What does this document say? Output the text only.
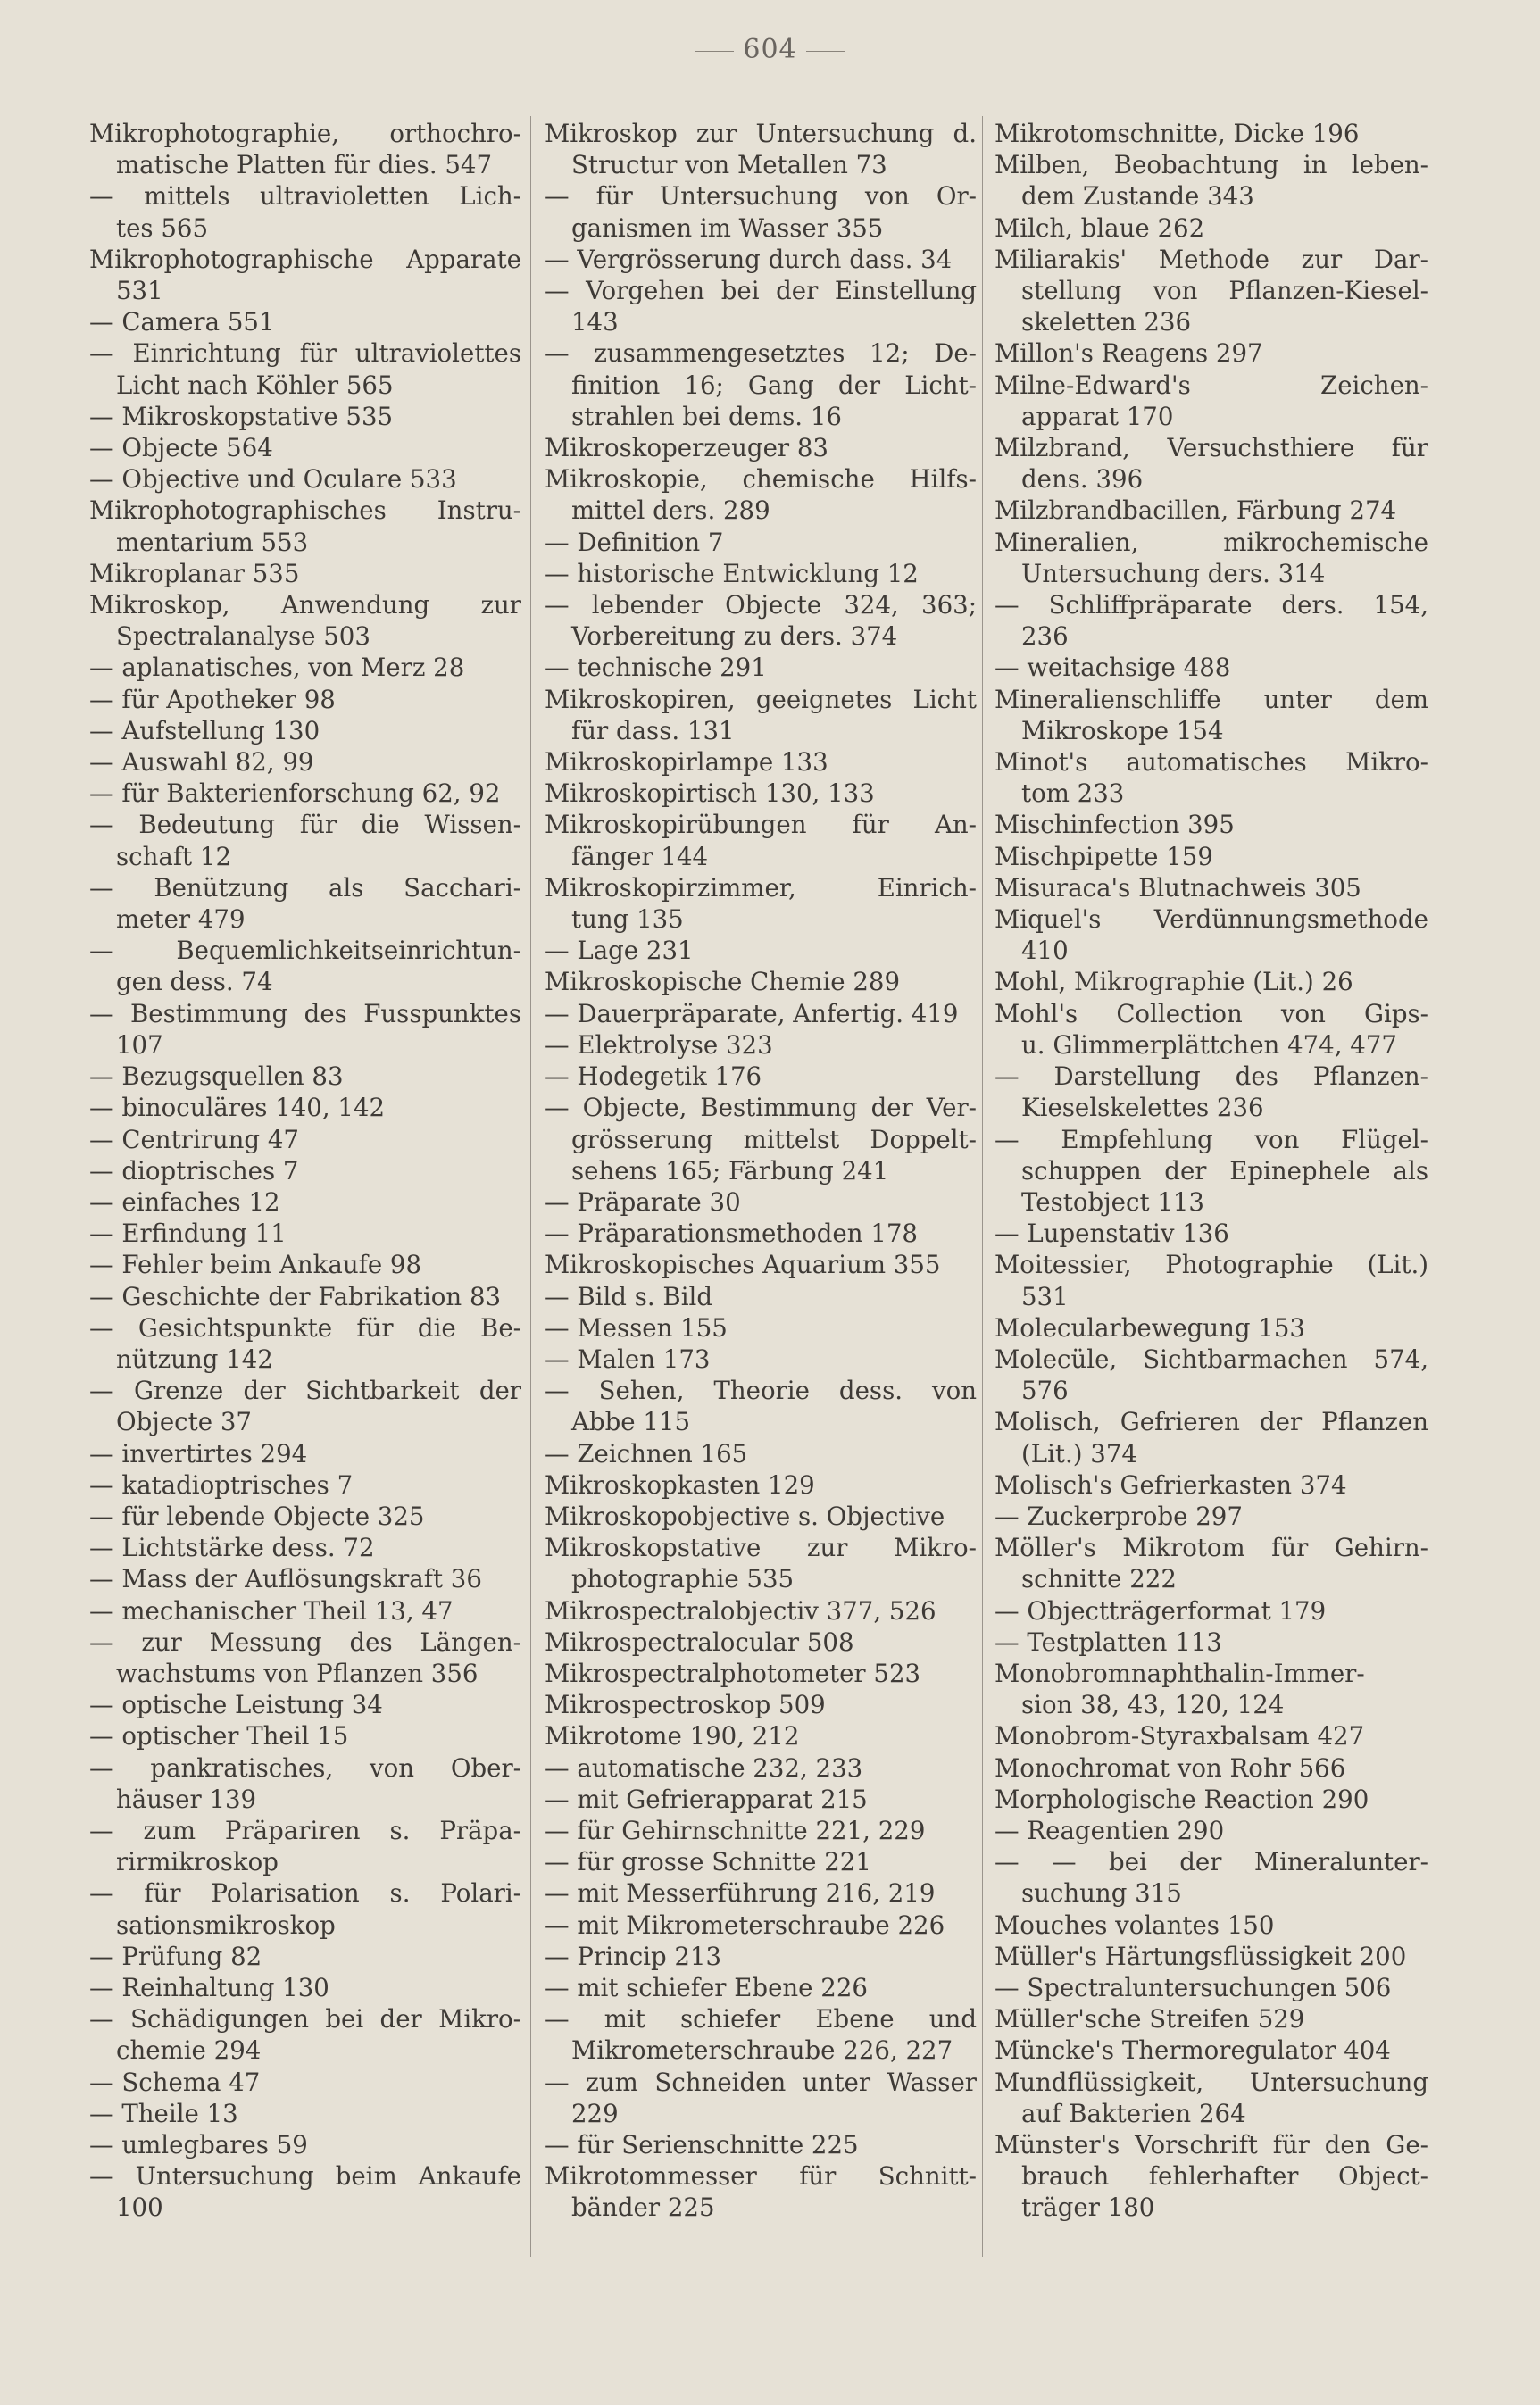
604
Mikrophotographie, orthochro-
matische Platten für dies. 547
— mittels ultravioletten Lich-
tes 565
Mikrophotographische Apparate
531
— Camera 551
— Einrichtung für ultraviolettes
Licht nach Köhler 565
— Mikroskopstative 535
— Objecte 564
— Objective und Oculare 533
Mikrophotographisches Instru-
mentarium 553
Mikroplanar 535
Mikroskop, Anwendung zur
Spectralanalyse 503
— aplanatisches, von Merz 28
— für Apotheker 98
— Aufstellung 130
— Auswahl 82, 99
— für Bakterienforschung 62, 92
— Bedeutung für die Wissen-
schaft 12
— Benützung als Sacchari-
meter 479
— Bequemlichkeitseinrichtun-
gen dess. 74
— Bestimmung des Fusspunktes
107
— Bezugsquellen 83
— binoculäres 140, 142
— Centrirung 47
— dioptrisches 7
— einfaches 12
— Erfindung 11
— Fehler beim Ankaufe 98
— Geschichte der Fabrikation 83
— Gesichtspunkte für die Be-
nützung 142
— Grenze der Sichtbarkeit der
Objecte 37
— invertirtes 294
— katadioptrisches 7
— für lebende Objecte 325
— Lichtstärke dess. 72
— Mass der Auflösungskraft 36
— mechanischer Theil 13, 47
— zur Messung des Längen-
wachstums von Pflanzen 356
— optische Leistung 34
— optischer Theil 15
— pankratisches, von Ober-
häuser 139
— zum Präpariren s. Präpa-
rirmikroskop
— für Polarisation s. Polari-
sationsmikroskop
— Prüfung 82
— Reinhaltung 130
— Schädigungen bei der Mikro-
chemie 294
— Schema 47
— Theile 13
— umlegbares 59
— Untersuchung beim Ankaufe
100
Mikroskop zur Untersuchung d.
Structur von Metallen 73
— für Untersuchung von Or-
ganismen im Wasser 355
— Vergrösserung durch dass. 34
— Vorgehen bei der Einstellung
143
— zusammengesetztes 12; De-
finition 16; Gang der Licht-
strahlen bei dems. 16
Mikroskoperzeuger 83
Mikroskopie, chemische Hilfs-
mittel ders. 289
— Definition 7
— historische Entwicklung 12
— lebender Objecte 324, 363;
Vorbereitung zu ders. 374
— technische 291
Mikroskopiren, geeignetes Licht
für dass. 131
Mikroskopirlampe 133
Mikroskopirtisch 130, 133
Mikroskopirübungen für An-
fänger 144
Mikroskopirzimmer, Einrich-
tung 135
— Lage 231
Mikroskopische Chemie 289
— Dauerpräparate, Anfertig. 419
— Elektrolyse 323
— Hodegetik 176
— Objecte, Bestimmung der Ver-
grösserung mittelst Doppelt-
sehens 165; Färbung 241
— Präparate 30
— Präparationsmethoden 178
Mikroskopisches Aquarium 355
— Bild s. Bild
— Messen 155
— Malen 173
— Sehen, Theorie dess. von
Abbe 115
— Zeichnen 165
Mikroskopkasten 129
Mikroskopobjective s. Objective
Mikroskopstative zur Mikro-
photographie 535
Mikrospectralobjectiv 377, 526
Mikrospectralocular 508
Mikrospectralphotometer 523
Mikrospectroskop 509
Mikrotome 190, 212
— automatische 232, 233
— mit Gefrierapparat 215
— für Gehirnschnitte 221, 229
— für grosse Schnitte 221
— mit Messerführung 216, 219
— mit Mikrometerschraube 226
— Princip 213
— mit schiefer Ebene 226
— mit schiefer Ebene und
Mikrometerschraube 226, 227
— zum Schneiden unter Wasser
229
— für Serienschnitte 225
Mikrotommesser für Schnitt-
bänder 225
Mikrotomschnitte, Dicke 196
Milben, Beobachtung in leben-
dem Zustande 343
Milch, blaue 262
Miliarakis' Methode zur Dar-
stellung von Pflanzen-Kiesel-
skeletten 236
Millon's Reagens 297
Milne-Edward's Zeichen-
apparat 170
Milzbrand, Versuchsthiere für
dens. 396
Milzbrandbacillen, Färbung 274
Mineralien, mikrochemische
Untersuchung ders. 314
— Schliffpräparate ders. 154,
236
— weitachsige 488
Mineralienschliffe unter dem
Mikroskope 154
Minot's automatisches Mikro-
tom 233
Mischinfection 395
Mischpipette 159
Misuraca's Blutnachweis 305
Miquel's Verdünnungsmethode
410
Mohl, Mikrographie (Lit.) 26
Mohl's Collection von Gips-
u. Glimmerplättchen 474, 477
— Darstellung des Pflanzen-
Kieselskelettes 236
— Empfehlung von Flügel-
schuppen der Epinephele als
Testobject 113
— Lupenstativ 136
Moitessier, Photographie (Lit.)
531
Molecularbewegung 153
Molecüle, Sichtbarmachen 574,
576
Molisch, Gefrieren der Pflanzen
(Lit.) 374
Molisch's Gefrierkasten 374
— Zuckerprobe 297
Möller's Mikrotom für Gehirn-
schnitte 222
— Objectträgerformat 179
— Testplatten 113
Monobromnaphthalin-Immer-
sion 38, 43, 120, 124
Monobrom-Styraxbalsam 427
Monochromat von Rohr 566
Morphologische Reaction 290
— Reagentien 290
— — bei der Mineralunter-
suchung 315
Mouches volantes 150
Müller's Härtungsflüssigkeit 200
— Spectraluntersuchungen 506
Müller'sche Streifen 529
Müncke's Thermoregulator 404
Mundflüssigkeit, Untersuchung
auf Bakterien 264
Münster's Vorschrift für den Ge-
brauch fehlerhafter Object-
träger 180
